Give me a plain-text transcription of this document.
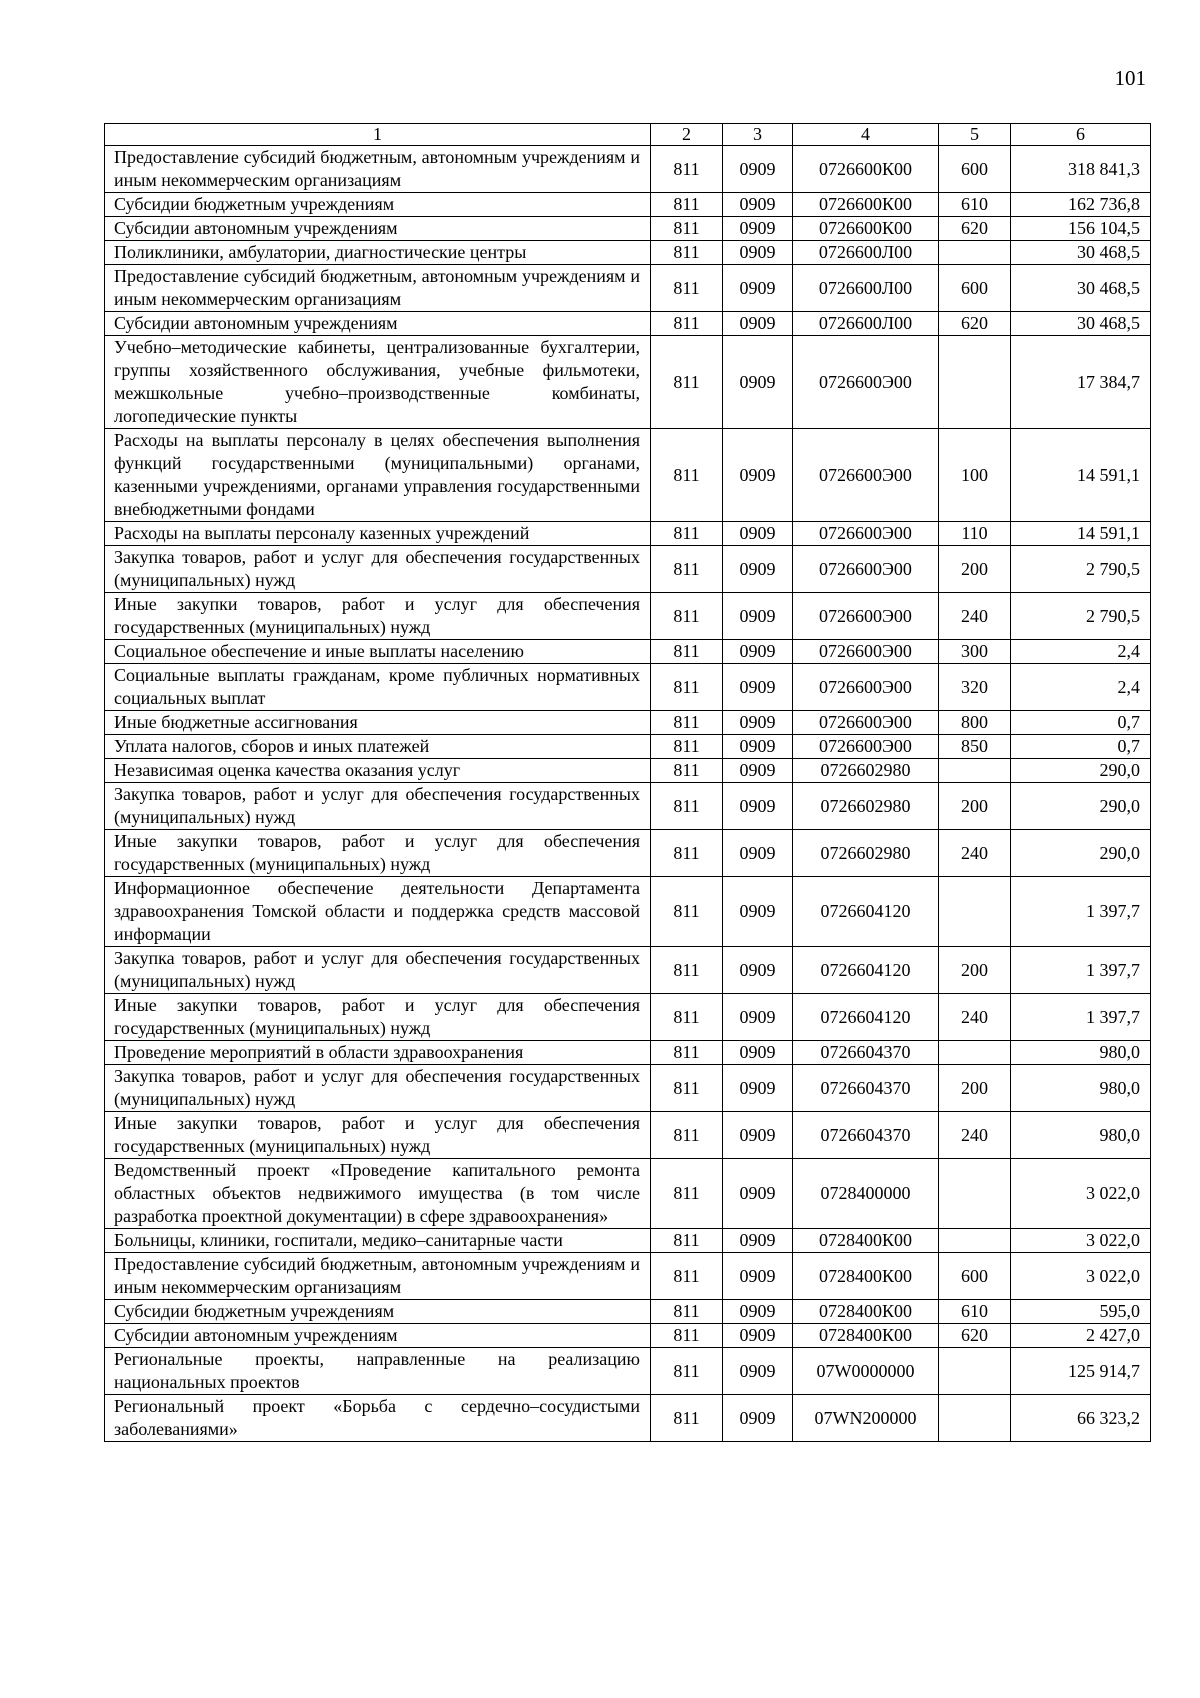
101
1	2	3	4	5	6
Предоставление субсидий бюджетным, автономным учреждениям и иным некоммерческим организациям	811	0909	0726600К00	600	318 841,3
Субсидии бюджетным учреждениям	811	0909	0726600К00	610	162 736,8
Субсидии автономным учреждениям	811	0909	0726600К00	620	156 104,5
Поликлиники, амбулатории, диагностические центры	811	0909	0726600Л00		30 468,5
Предоставление субсидий бюджетным, автономным учреждениям и иным некоммерческим организациям	811	0909	0726600Л00	600	30 468,5
Субсидии автономным учреждениям	811	0909	0726600Л00	620	30 468,5
Учебно–методические кабинеты, централизованные бухгалтерии, группы хозяйственного обслуживания, учебные фильмотеки, межшкольные учебно–производственные комбинаты, логопедические пункты	811	0909	0726600Э00		17 384,7
Расходы на выплаты персоналу в целях обеспечения выполнения функций государственными (муниципальными) органами, казенными учреждениями, органами управления государственными внебюджетными фондами	811	0909	0726600Э00	100	14 591,1
Расходы на выплаты персоналу казенных учреждений	811	0909	0726600Э00	110	14 591,1
Закупка товаров, работ и услуг для обеспечения государственных (муниципальных) нужд	811	0909	0726600Э00	200	2 790,5
Иные закупки товаров, работ и услуг для обеспечения государственных (муниципальных) нужд	811	0909	0726600Э00	240	2 790,5
Социальное обеспечение и иные выплаты населению	811	0909	0726600Э00	300	2,4
Социальные выплаты гражданам, кроме публичных нормативных социальных выплат	811	0909	0726600Э00	320	2,4
Иные бюджетные ассигнования	811	0909	0726600Э00	800	0,7
Уплата налогов, сборов и иных платежей	811	0909	0726600Э00	850	0,7
Независимая оценка качества оказания услуг	811	0909	0726602980		290,0
Закупка товаров, работ и услуг для обеспечения государственных (муниципальных) нужд	811	0909	0726602980	200	290,0
Иные закупки товаров, работ и услуг для обеспечения государственных (муниципальных) нужд	811	0909	0726602980	240	290,0
Информационное обеспечение деятельности Департамента здравоохранения Томской области и поддержка средств массовой информации	811	0909	0726604120		1 397,7
Закупка товаров, работ и услуг для обеспечения государственных (муниципальных) нужд	811	0909	0726604120	200	1 397,7
Иные закупки товаров, работ и услуг для обеспечения государственных (муниципальных) нужд	811	0909	0726604120	240	1 397,7
Проведение мероприятий в области здравоохранения	811	0909	0726604370		980,0
Закупка товаров, работ и услуг для обеспечения государственных (муниципальных) нужд	811	0909	0726604370	200	980,0
Иные закупки товаров, работ и услуг для обеспечения государственных (муниципальных) нужд	811	0909	0726604370	240	980,0
Ведомственный проект «Проведение капитального ремонта областных объектов недвижимого имущества (в том числе разработка проектной документации) в сфере здравоохранения»	811	0909	0728400000		3 022,0
Больницы, клиники, госпитали, медико–санитарные части	811	0909	0728400К00		3 022,0
Предоставление субсидий бюджетным, автономным учреждениям и иным некоммерческим организациям	811	0909	0728400К00	600	3 022,0
Субсидии бюджетным учреждениям	811	0909	0728400К00	610	595,0
Субсидии автономным учреждениям	811	0909	0728400К00	620	2 427,0
Региональные проекты, направленные на реализацию национальных проектов	811	0909	07W0000000		125 914,7
Региональный проект «Борьба с сердечно–сосудистыми заболеваниями»	811	0909	07WN200000		66 323,2
